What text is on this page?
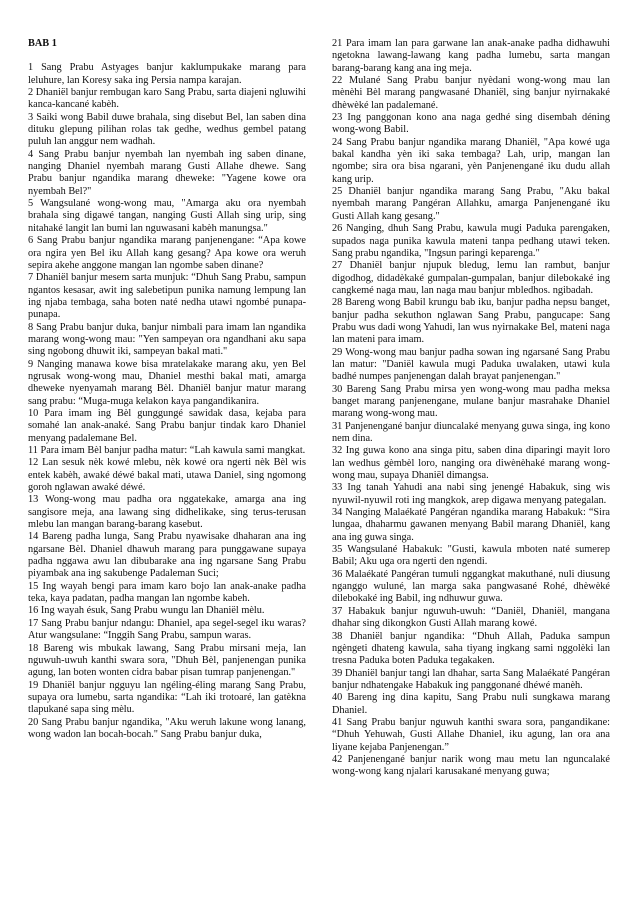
BAB 1

1 Sang Prabu Astyages banjur kaklumpukake marang para leluhure, lan Koresy saka ing Persia nampa karajan.

2 Dhaniël banjur rembugan karo Sang Prabu, sarta diajeni ngluwihi kanca-kancané kabèh.

3 Saiki wong Babil duwe brahala, sing disebut Bel, lan saben dina dituku glepung pilihan rolas tak gedhe, wedhus gembel patang puluh lan anggur nem wadhah.

4 Sang Prabu banjur nyembah lan nyembah ing saben dinane, nanging Dhaniel nyembah marang Gusti Allahe dhewe. Sang Prabu banjur ngandika marang dheweke: "Yagene kowe ora nyembah Bel?"

5 Wangsulané wong-wong mau, "Amarga aku ora nyembah brahala sing digawé tangan, nanging Gusti Allah sing urip, sing nitahaké langit lan bumi lan nguwasani kabèh manungsa."

6 Sang Prabu banjur ngandika marang panjenengane: “Apa kowe ora ngira yen Bel iku Allah kang gesang? Apa kowe ora weruh sepira akehe anggone mangan lan ngombe saben dinane?

7 Dhaniël banjur mesem sarta munjuk: “Dhuh Sang Prabu, sampun ngantos kesasar, awit ing salebetipun punika namung lempung lan ing njaba tembaga, saha boten naté nedha utawi ngombé punapa-punapa.

8 Sang Prabu banjur duka, banjur nimbali para imam lan ngandika marang wong-wong mau: "Yen sampeyan ora ngandhani aku sapa sing ngobong dhuwit iki, sampeyan bakal mati."

9 Nanging manawa kowe bisa mratelakake marang aku, yen Bel ngrusak wong-wong mau, Dhaniel mesthi bakal mati, amarga dheweke nyenyamah marang Bèl. Dhaniël banjur matur marang sang prabu: “Muga-muga kelakon kaya pangandikanira.

10 Para imam ing Bèl gunggungé sawidak dasa, kejaba para somahé lan anak-anaké. Sang Prabu banjur tindak karo Dhaniel menyang padalemane Bel.

11 Para imam Bèl banjur padha matur: “Lah kawula sami mangkat.

12 Lan sesuk nèk kowé mlebu, nèk kowé ora ngerti nèk Bèl wis entek kabèh, awaké déwé bakal mati, utawa Daniel, sing ngomong goroh nglawan awaké déwé.

13 Wong-wong mau padha ora nggatekake, amarga ana ing sangisore meja, ana lawang sing didhelikake, sing terus-terusan mlebu lan mangan barang-barang kasebut.

14 Bareng padha lunga, Sang Prabu nyawisake dhaharan ana ing ngarsane Bèl. Dhaniel dhawuh marang para punggawane supaya padha nggawa awu lan dibubarake ana ing ngarsane Sang Prabu piyambak ana ing sakubenge Padaleman Suci;

15 Ing wayah bengi para imam karo bojo lan anak-anake padha teka, kaya padatan, padha mangan lan ngombe kabeh.

16 Ing wayah ésuk, Sang Prabu wungu lan Dhaniël mèlu.

17 Sang Prabu banjur ndangu: Dhaniel, apa segel-segel iku waras? Atur wangsulane: “Inggih Sang Prabu, sampun waras.

18 Bareng wis mbukak lawang, Sang Prabu mirsani meja, lan nguwuh-uwuh kanthi swara sora, "Dhuh Bèl, panjenengan punika agung, lan boten wonten cidra babar pisan tumrap panjenengan."

19 Dhaniël banjur ngguyu lan ngéling-éling marang Sang Prabu, supaya ora lumebu, sarta ngandika: “Lah iki trotoaré, lan gatèkna tlapukané sapa sing mèlu.

20 Sang Prabu banjur ngandika, "Aku weruh lakune wong lanang, wong wadon lan bocah-bocah." Sang Prabu banjur duka,

21 Para imam lan para garwane lan anak-anake padha didhawuhi ngetokna lawang-lawang kang padha lumebu, sarta mangan barang-barang kang ana ing meja.

22 Mulané Sang Prabu banjur nyèdani wong-wong mau lan mènèhi Bèl marang pangwasané Dhaniël, sing banjur nyirnakaké dhèwèké lan padalemané.

23 Ing panggonan kono ana naga gedhé sing disembah déning wong-wong Babil.

24 Sang Prabu banjur ngandika marang Dhaniël, "Apa kowé uga bakal kandha yèn iki saka tembaga? Lah, urip, mangan lan ngombe; sira ora bisa ngarani, yèn Panjenengané iku dudu allah kang urip.

25 Dhaniël banjur ngandika marang Sang Prabu, "Aku bakal nyembah marang Pangéran Allahku, amarga Panjenengané iku Gusti Allah kang gesang."

26 Nanging, dhuh Sang Prabu, kawula mugi Paduka parengaken, supados naga punika kawula mateni tanpa pedhang utawi teken. Sang prabu ngandika, "Ingsun paringi keparenga."

27 Dhaniël banjur njupuk bledug, lemu lan rambut, banjur digodhog, didadèkaké gumpalan-gumpalan, banjur dilebokaké ing cangkemé naga mau, lan naga mau banjur mbledhos. ngibadah.

28 Bareng wong Babil krungu bab iku, banjur padha nepsu banget, banjur padha sekuthon nglawan Sang Prabu, pangucape: Sang Prabu wus dadi wong Yahudi, lan wus nyirnakake Bel, mateni naga lan mateni para imam.

29 Wong-wong mau banjur padha sowan ing ngarsané Sang Prabu lan matur: "Daniël kawula mugi Paduka uwalaken, utawi kula badhé numpes panjenengan dalah brayat panjenengan."

30 Bareng Sang Prabu mirsa yen wong-wong mau padha meksa banget marang panjenengane, mulane banjur masrahake Dhaniel marang wong-wong mau.

31 Panjenengané banjur diuncalaké menyang guwa singa, ing kono nem dina.

32 Ing guwa kono ana singa pitu, saben dina diparingi mayit loro lan wedhus gèmbèl loro, nanging ora diwènèhaké marang wong-wong mau, supaya Dhaniël dimangsa.

33 Ing tanah Yahudi ana nabi sing jenengé Habakuk, sing wis nyuwil-nyuwil roti ing mangkok, arep digawa menyang pategalan.

34 Nanging Malaékaté Pangéran ngandika marang Habakuk: “Sira lungaa, dhaharmu gawanen menyang Babil marang Dhaniël, kang ana ing guwa singa.

35 Wangsulané Habakuk: "Gusti, kawula mboten naté sumerep Babil; Aku uga ora ngerti den ngendi.

36 Malaékaté Pangéran tumuli nggangkat makuthané, nuli diusung nganggo wuluné, lan marga saka pangwasané Rohé, dhèwèké dilebokaké ing Babil, ing ndhuwur guwa.

37 Habakuk banjur nguwuh-uwuh: “Daniël, Dhaniël, mangana dhahar sing dikongkon Gusti Allah marang kowé.

38 Dhaniël banjur ngandika: “Dhuh Allah, Paduka sampun ngèngeti dhateng kawula, saha tiyang ingkang sami nggolèki lan tresna Paduka boten Paduka tegakaken.

39 Dhaniël banjur tangi lan dhahar, sarta Sang Malaékaté Pangéran banjur ndhatengake Habakuk ing panggonané dhéwé manèh.

40 Bareng ing dina kapitu, Sang Prabu nuli sungkawa marang Dhaniel.

41 Sang Prabu banjur nguwuh kanthi swara sora, pangandikane: “Dhuh Yehuwah, Gusti Allahe Dhaniel, iku agung, lan ora ana liyane kejaba Panjenengan.”

42 Panjenengané banjur narik wong mau metu lan nguncalaké wong-wong kang njalari karusakané menyang guwa;
